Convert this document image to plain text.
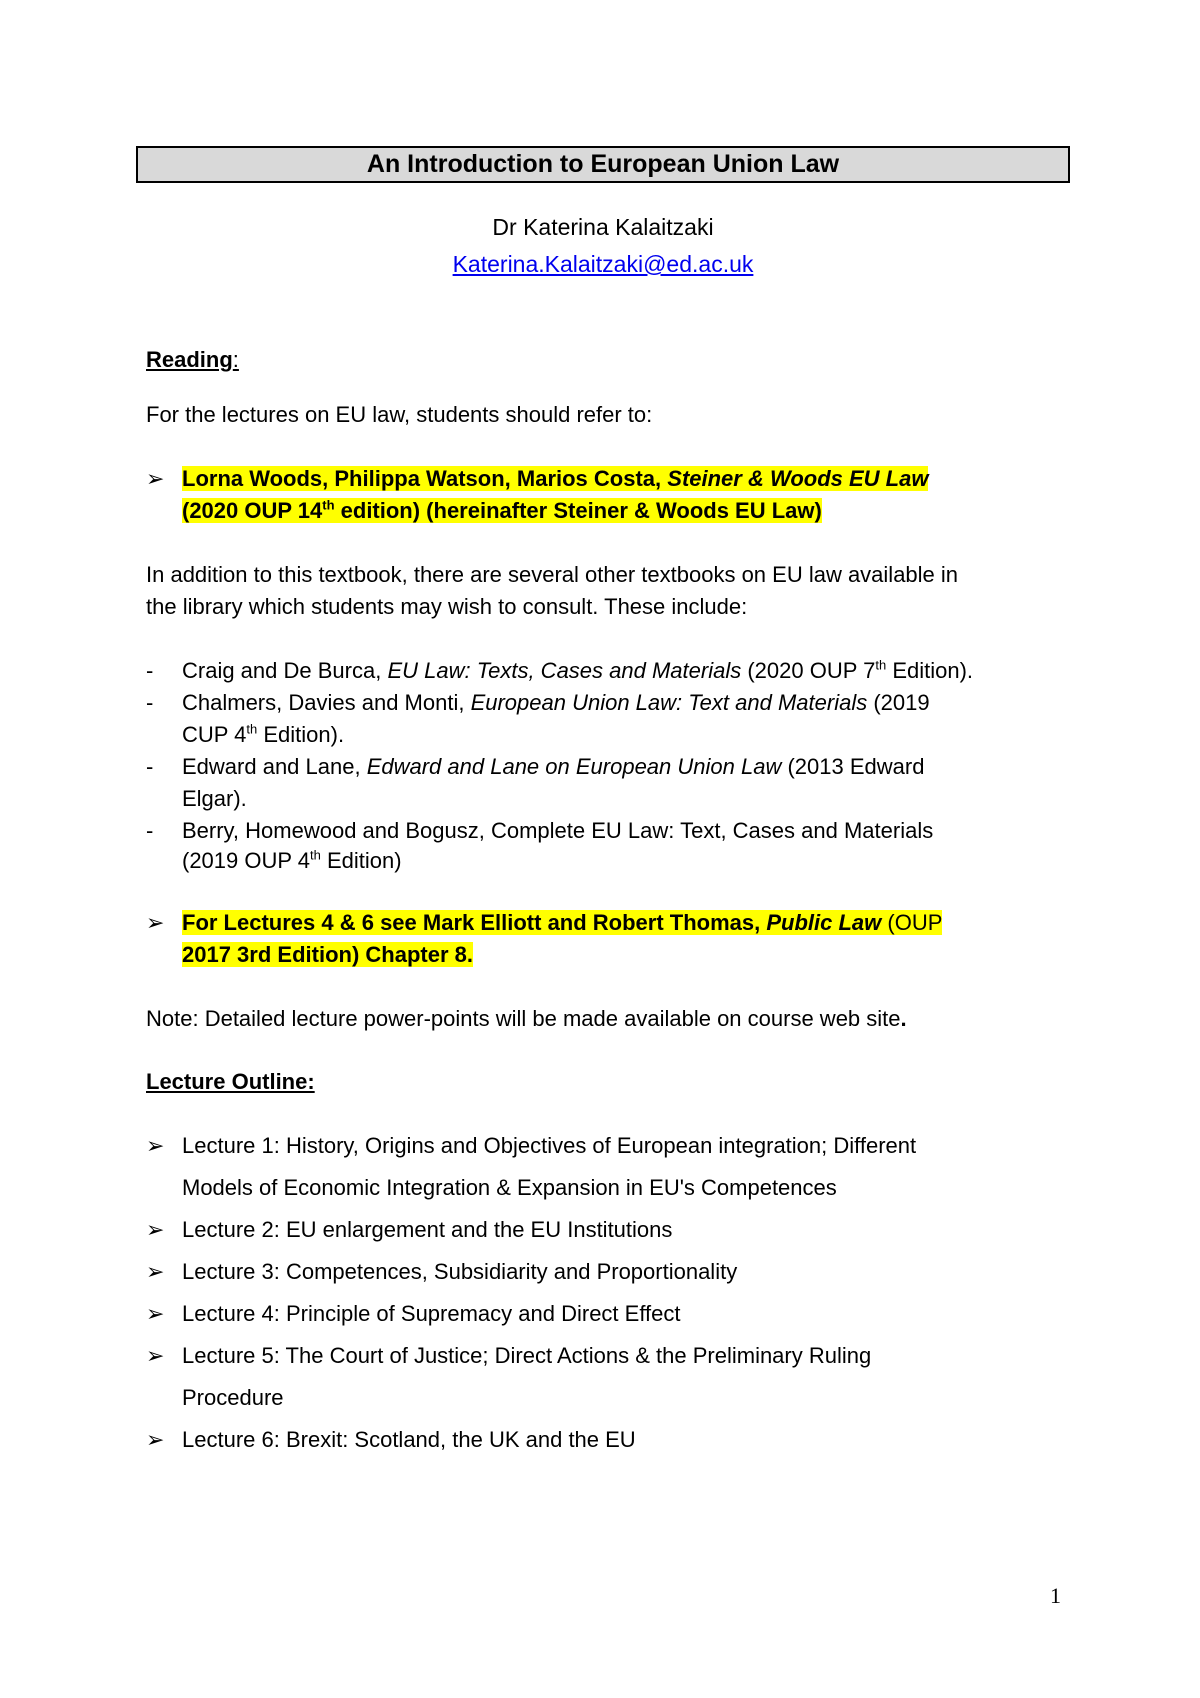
An Introduction to European Union Law
Dr Katerina Kalaitzaki
Katerina.Kalaitzaki@ed.ac.uk
Reading:
For the lectures on EU law, students should refer to:
➢ Lorna Woods, Philippa Watson, Marios Costa, Steiner & Woods EU Law
(2020 OUP 14th edition) (hereinafter Steiner & Woods EU Law)
In addition to this textbook, there are several other textbooks on EU law available in
the library which students may wish to consult. These include:
- Craig and De Burca, EU Law: Texts, Cases and Materials (2020 OUP 7th Edition).
- Chalmers, Davies and Monti, European Union Law: Text and Materials (2019
CUP 4th Edition).
- Edward and Lane, Edward and Lane on European Union Law (2013 Edward
Elgar).
- Berry, Homewood and Bogusz, Complete EU Law: Text, Cases and Materials
(2019 OUP 4th Edition)
➢ For Lectures 4 & 6 see Mark Elliott and Robert Thomas, Public Law (OUP
2017 3rd Edition) Chapter 8.
Note: Detailed lecture power-points will be made available on course web site.
Lecture Outline:
➢ Lecture 1: History, Origins and Objectives of European integration; Different
Models of Economic Integration & Expansion in EU's Competences
➢ Lecture 2: EU enlargement and the EU Institutions
➢ Lecture 3: Competences, Subsidiarity and Proportionality
➢ Lecture 4: Principle of Supremacy and Direct Effect
➢ Lecture 5: The Court of Justice; Direct Actions & the Preliminary Ruling
Procedure
➢ Lecture 6: Brexit: Scotland, the UK and the EU
1
